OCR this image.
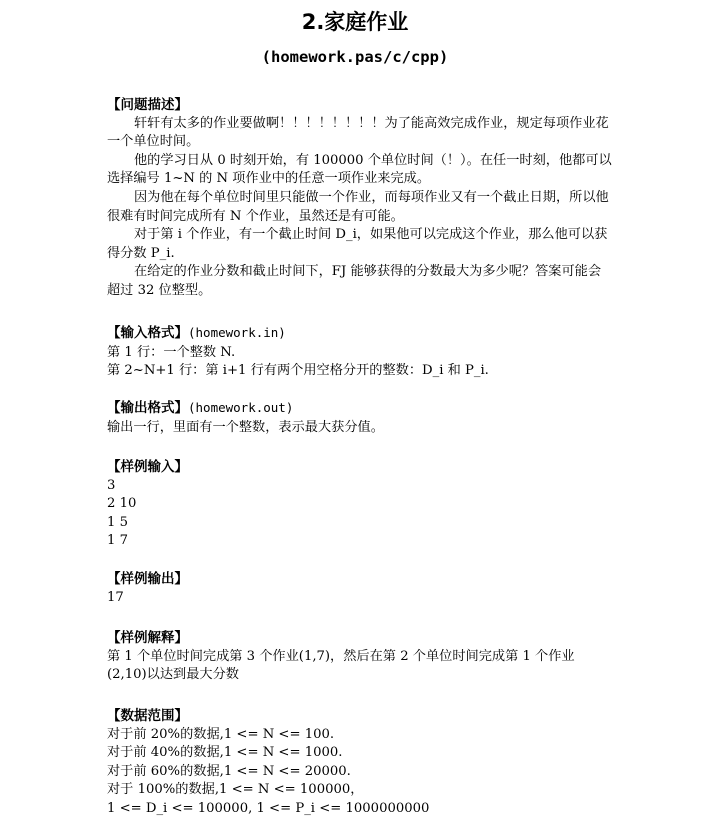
2.家庭作业
(homework.pas/c/cpp)
【问题描述】

轩轩有太多的作业要做啊！！！！！！！！为了能高效完成作业，规定每项作业花一个单位时间。

他的学习日从 0 时刻开始，有 100000 个单位时间（！）。在任一时刻，他都可以选择编号 1~N 的 N 项作业中的任意一项作业来完成。

因为他在每个单位时间里只能做一个作业，而每项作业又有一个截止日期，所以他很难有时间完成所有 N 个作业，虽然还是有可能。

对于第 i 个作业，有一个截止时间 D_i，如果他可以完成这个作业，那么他可以获得分数 P_i.

在给定的作业分数和截止时间下，FJ 能够获得的分数最大为多少呢？答案可能会超过 32 位整型。

【输入格式】(homework.in)

第 1 行：一个整数 N.

第 2~N+1 行：第 i+1 行有两个用空格分开的整数：D_i 和 P_i.

【输出格式】(homework.out)

输出一行，里面有一个整数，表示最大获分值。

【样例输入】

3

2 10

1 5

1 7

【样例输出】

17

【样例解释】

第 1 个单位时间完成第 3 个作业(1,7)，然后在第 2 个单位时间完成第 1 个作业

(2,10)以达到最大分数

【数据范围】

对于前 20%的数据,1 <= N <= 100.

对于前 40%的数据,1 <= N <= 1000.

对于前 60%的数据,1 <= N <= 20000.

对于 100%的数据,1 <= N <= 100000，

1 <= D_i <= 100000, 1 <= P_i <= 1000000000
